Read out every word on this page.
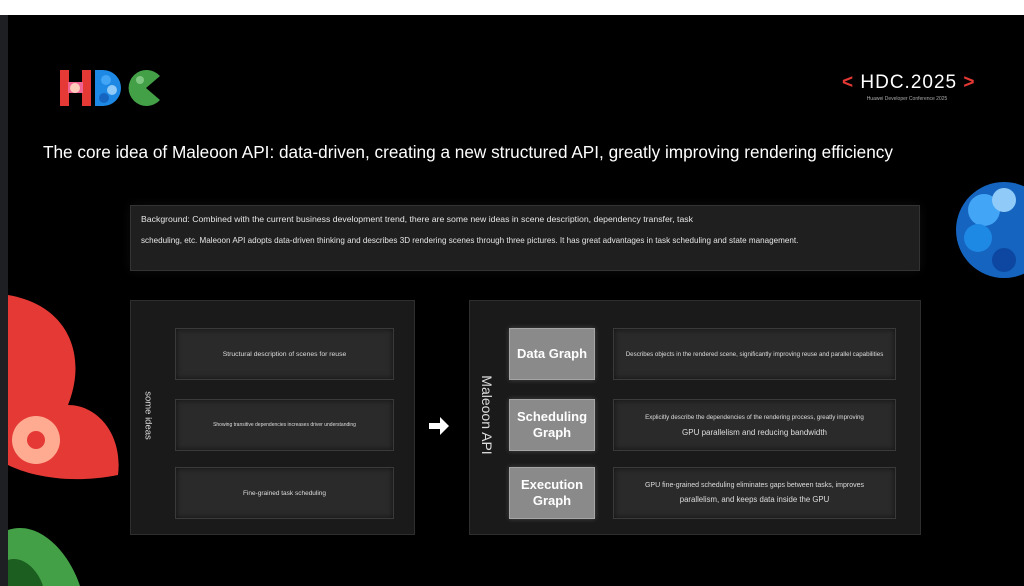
< HDC.2025 >
Huawei Developer Conference 2025
The core idea of Maleoon API: data-driven, creating a new structured API, greatly improving rendering efficiency
Background: Combined with the current business development trend, there are some new ideas in scene description, dependency transfer, task
scheduling, etc. Maleoon API adopts data-driven thinking and describes 3D rendering scenes through three pictures. It has great advantages in task scheduling and state management.
some ideas
Structural description of scenes for reuse
Showing transitive dependencies increases driver understanding
Fine-grained task scheduling
Maleoon API
Data Graph
Scheduling
Graph
Execution
Graph
Describes objects in the rendered scene, significantly improving reuse and parallel capabilities
Explicitly describe the dependencies of the rendering process, greatly improving
GPU parallelism and reducing bandwidth
GPU fine-grained scheduling eliminates gaps between tasks, improves
parallelism, and keeps data inside the GPU
